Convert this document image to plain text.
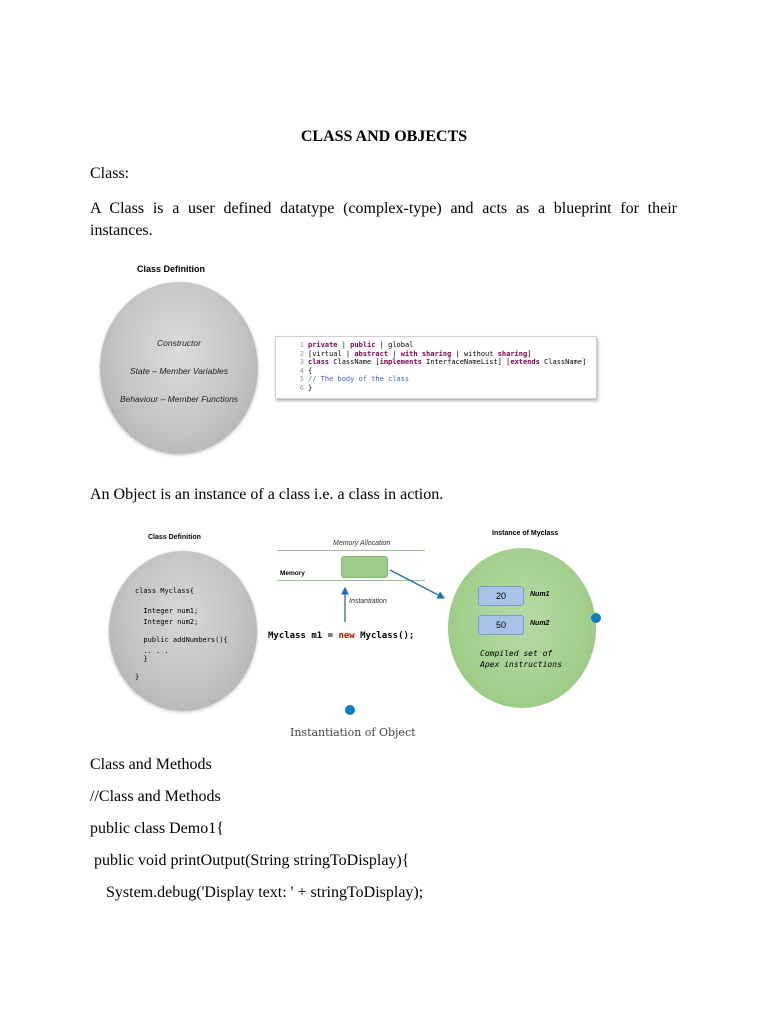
CLASS AND OBJECTS
Class:
A Class is a user defined datatype (complex-type) and acts as a blueprint for their instances.
Class Definition
Constructor
State – Member Variables
Behaviour – Member Functions
1 private | public | global
2 [virtual | abstract | with sharing | without sharing]
3 class ClassName [implements InterfaceNameList] [extends ClassName]
4 {
5 // The body of the class
6 }
An Object is an instance of a class i.e. a class in action.
Class Definition
class Myclass{
Integer num1;
Integer num2;
public addNumbers(){
.. . .
}
}
Memory Allocation
Memory
Instantiation
Myclass m1 = new Myclass();
Instance of Myclass
20	Num1
50	Num2
Compiled set of
Apex instructions
Instantiation of Object
Class and Methods
//Class and Methods
public class Demo1{
public void printOutput(String stringToDisplay){
System.debug('Display text: ' + stringToDisplay);
